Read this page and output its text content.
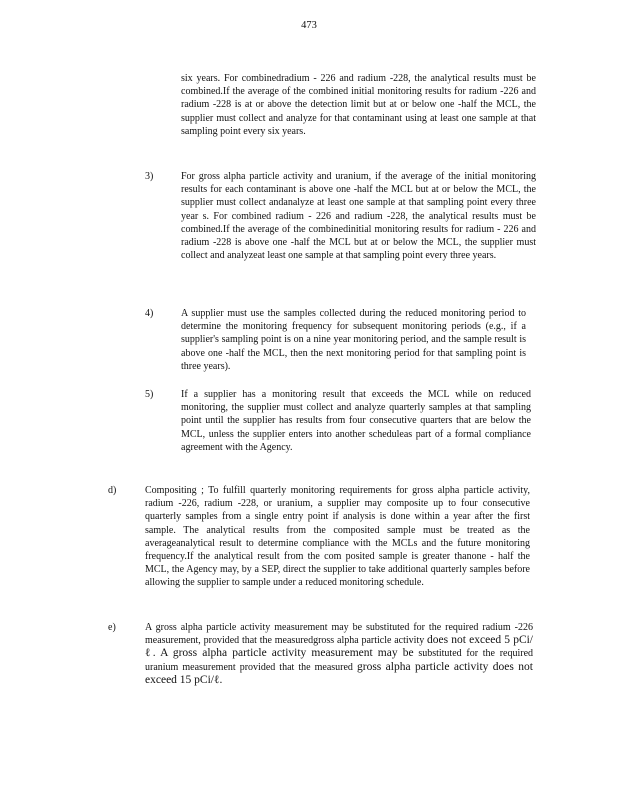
473
six years. For combinedradium - 226 and radium -228, the analytical results must be combined.If the average of the combined initial monitoring results for radium -226 and radium -228 is at or above the detection limit but at or below one -half the MCL, the supplier must collect and analyze for that contaminant using at least one sample at that sampling point every six years.
3)	For gross alpha particle activity and uranium, if the average of the initial monitoring results for each contaminant is above one -half the MCL but at or below the MCL, the supplier must collect andanalyze at least one sample at that sampling point every three year s. For combined radium - 226 and radium -228, the analytical results must be combined.If the average of the combinedinitial monitoring results for radium - 226 and radium -228 is above one -half the MCL but at or below the MCL, the supplier must collect and analyzeat least one sample at that sampling point every three years.
4)	A supplier must use the samples collected during the reduced monitoring period to determine the monitoring frequency for subsequent monitoring periods (e.g., if a supplier's sampling point is on a nine year monitoring period, and the sample result is above one -half the MCL, then the next monitoring period for that sampling point is three years).
5)	If a supplier has a monitoring result that exceeds the MCL while on reduced monitoring, the supplier must collect and analyze quarterly samples at that sampling point until the supplier has results from four consecutive quarters that are below the MCL, unless the supplier enters into another scheduleas part of a formal compliance agreement with the Agency.
d)	Compositing ; To fulfill quarterly monitoring requirements for gross alpha particle activity, radium -226, radium -228, or uranium, a supplier may composite up to four consecutive quarterly samples from a single entry point if analysis is done within a year after the first sample. The analytical results from the composited sample must be treated as the averageanalytical result to determine compliance with the MCLs and the future monitoring frequency.If the analytical result from the com posited sample is greater thanone - half the MCL, the Agency may, by a SEP, direct the supplier to take additional quarterly samples before allowing the supplier to sample under a reduced monitoring schedule.
e)	A gross alpha particle activity measurement may be substituted for the required radium -226 measurement, provided that the measuredgross alpha particle activity does not exceed 5 pCi/ℓ. A gross alpha particle activity measurement may be substituted for the required uranium measurement provided that the measured gross alpha particle activity does not exceed 15 pCi/ℓ.
